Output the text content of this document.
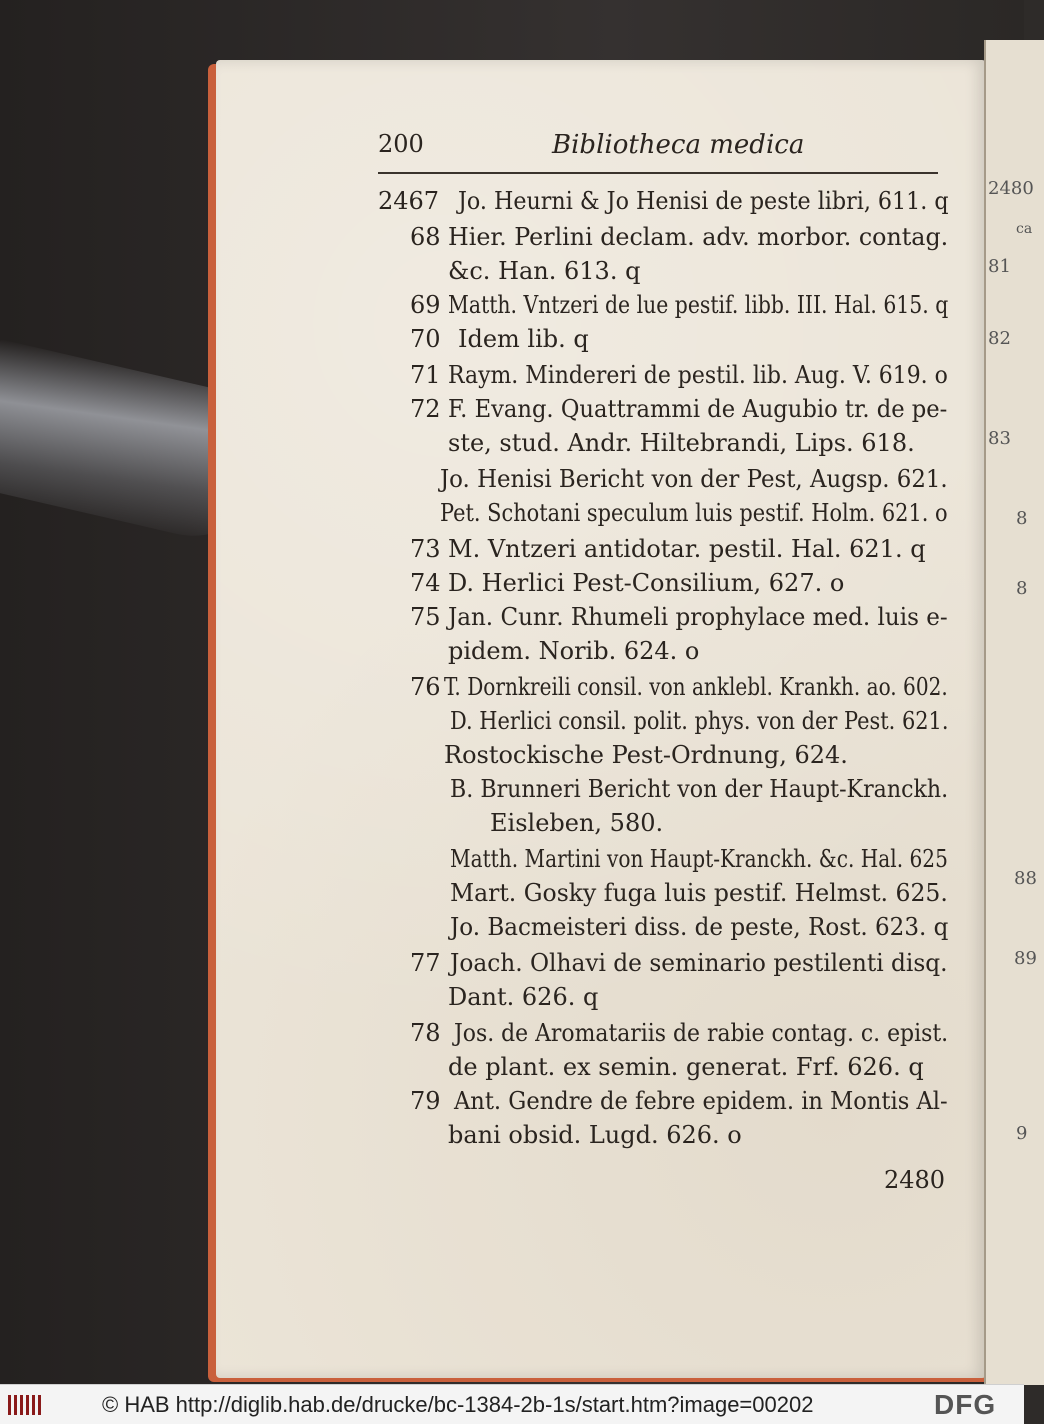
2480
ca
81
82
83
8
8
88
89
9
200	Bibliotheca medica
2467 Jo. Heurni & Jo Henisi de peste libri, 611. q
68 Hier. Perlini declam. adv. morbor. contag.
&c. Han. 613. q
69 Matth. Vntzeri de lue pestif. libb. III. Hal. 615. q
70 Idem lib. q
71 Raym. Mindereri de pestil. lib. Aug. V. 619. o
72 F. Evang. Quattrammi de Augubio tr. de pe-
ste, stud. Andr. Hiltebrandi, Lips. 618.
Jo. Henisi Bericht von der Pest, Augsp. 621.
Pet. Schotani speculum luis pestif. Holm. 621. o
73 M. Vntzeri antidotar. pestil. Hal. 621. q
74 D. Herlici Pest-Consilium, 627. o
75 Jan. Cunr. Rhumeli prophylace med. luis e-
pidem. Norib. 624. o
76 T. Dornkreili consil. von anklebl. Krankh. ao. 602.
D. Herlici consil. polit. phys. von der Pest. 621.
Rostockische Pest-Ordnung, 624.
B. Brunneri Bericht von der Haupt-Kranckh.
Eisleben, 580.
Matth. Martini von Haupt-Kranckh. &c. Hal. 625
Mart. Gosky fuga luis pestif. Helmst. 625.
Jo. Bacmeisteri diss. de peste, Rost. 623. q
77 Joach. Olhavi de seminario pestilenti disq.
Dant. 626. q
78 Jos. de Aromatariis de rabie contag. c. epist.
de plant. ex semin. generat. Frf. 626. q
79 Ant. Gendre de febre epidem. in Montis Al-
bani obsid. Lugd. 626. o
2480
© HAB http://diglib.hab.de/drucke/bc-1384-2b-1s/start.htm?image=00202	DFG
